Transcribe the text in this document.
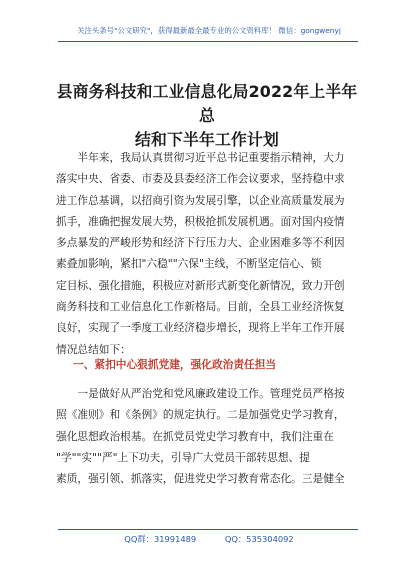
关注头条号"公文研究"，获得最新最全最专业的公文资料库！ 微信：gongwenyj
县商务科技和工业信息化局2022年上半年总
结和下半年工作计划
　　半年来，我局认真贯彻习近平总书记重要指示精神，大力
落实中央、省委、市委及县委经济工作会议要求，坚持稳中求
进工作总基调，以招商引资为发展引擎，以企业高质量发展为
抓手，准确把握发展大势，积极抢抓发展机遇。面对国内疫情
多点暴发的严峻形势和经济下行压力大、企业困难多等不利因
素叠加影响，紧扣"六稳""六保"主线，不断坚定信心、锁
定目标、强化措施，积极应对新形式新变化新情况，致力开创
商务科技和工业信息化工作新格局。目前，全县工业经济恢复
良好，实现了一季度工业经济稳步增长，现将上半年工作开展
情况总结如下：
一、紧扣中心狠抓党建，强化政治责任担当
　　一是做好从严治党和党风廉政建设工作。管理党员严格按
照《准则》和《条例》的规定执行。二是加强党史学习教育，
强化思想政治根基。在抓党员党史学习教育中，我们注重在
"学""实""严"上下功夫，引导广大党员干部转思想、提
素质，强引领、抓落实，促进党史学习教育常态化。三是健全
QQ群：31991489	QQ：535304092
